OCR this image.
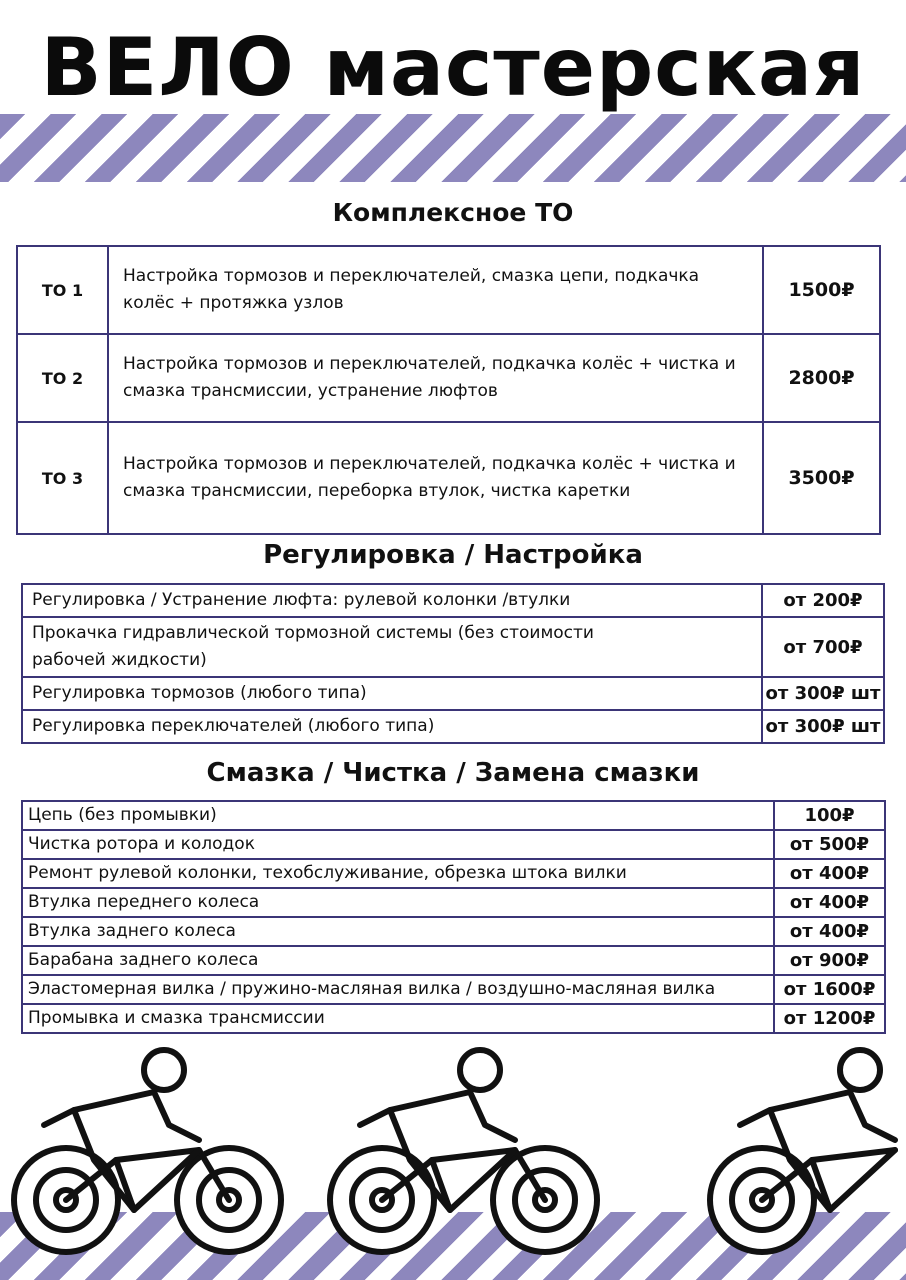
ВЕЛО мастерская
Комплексное ТО
ТО 1	Настройка тормозов и переключателей, смазка цепи, подкачка колёс + протяжка узлов	1500₽
ТО 2	Настройка тормозов и переключателей, подкачка колёс + чистка и смазка трансмиссии, устранение люфтов	2800₽
ТО 3	Настройка тормозов и переключателей, подкачка колёс + чистка и смазка трансмиссии, переборка втулок, чистка каретки	3500₽
Регулировка / Настройка
Регулировка / Устранение люфта: рулевой колонки /втулки	от 200₽
Прокачка гидравлической тормозной системы (без стоимости рабочей жидкости)	от 700₽
Регулировка тормозов (любого типа)	от 300₽ шт
Регулировка переключателей (любого типа)	от 300₽ шт
Смазка / Чистка / Замена смазки
Цепь (без промывки)	100₽
Чистка ротора и колодок	от 500₽
Ремонт рулевой колонки, техобслуживание, обрезка штока вилки	от 400₽
Втулка переднего колеса	от 400₽
Втулка заднего колеса	от 400₽
Барабана заднего колеса	от 900₽
Эластомерная вилка / пружино-масляная вилка / воздушно-масляная вилка	от 1600₽
Промывка и смазка трансмиссии	от 1200₽
